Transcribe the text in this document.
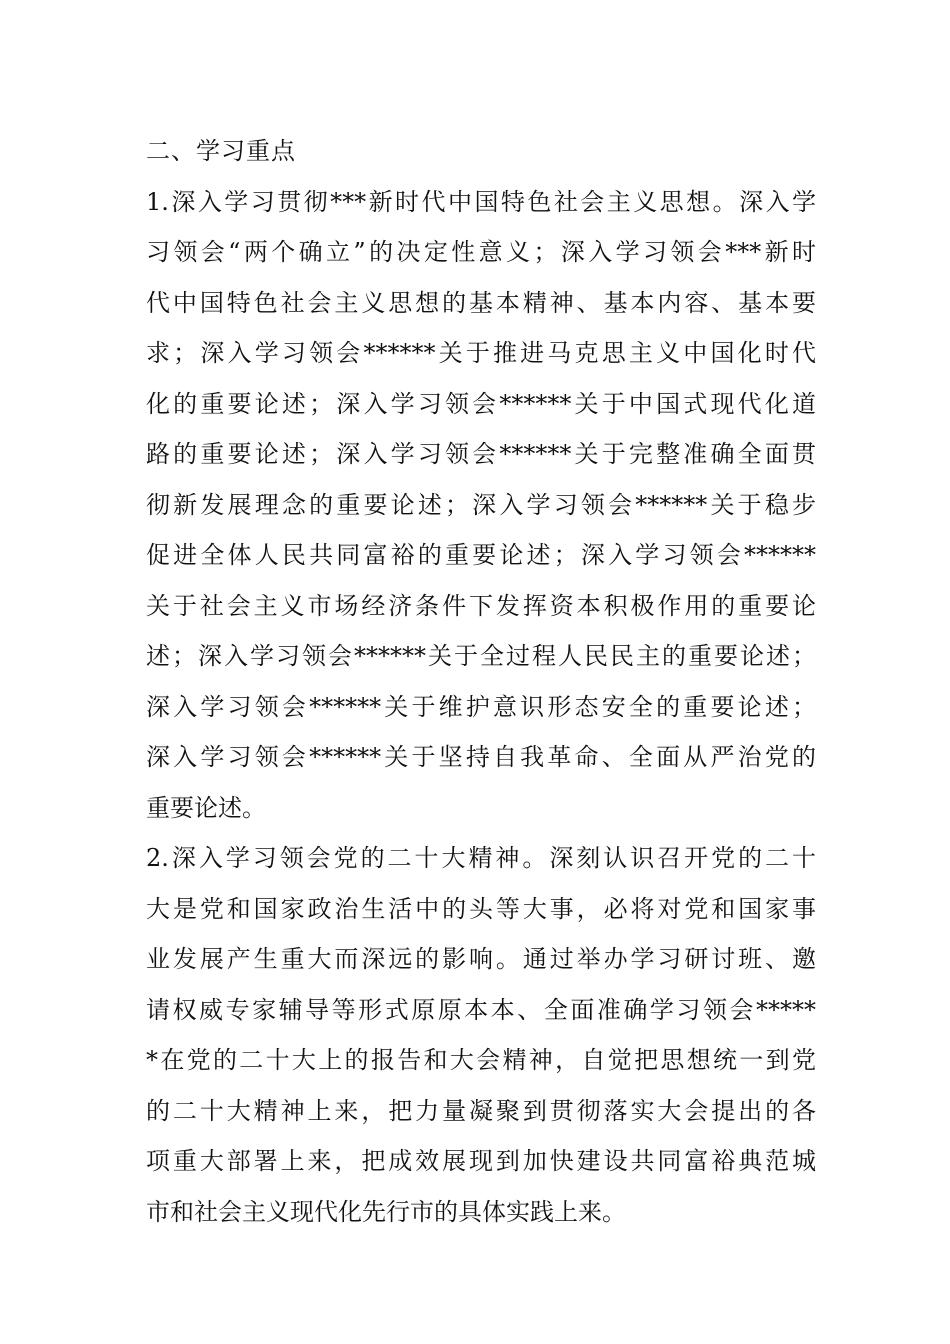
二、学习重点
1.深入学习贯彻***新时代中国特色社会主义思想。深入学
习领会“两个确立”的决定性意义；深入学习领会***新时
代中国特色社会主义思想的基本精神、基本内容、基本要
求；深入学习领会******关于推进马克思主义中国化时代
化的重要论述；深入学习领会******关于中国式现代化道
路的重要论述；深入学习领会******关于完整准确全面贯
彻新发展理念的重要论述；深入学习领会******关于稳步
促进全体人民共同富裕的重要论述；深入学习领会******
关于社会主义市场经济条件下发挥资本积极作用的重要论
述；深入学习领会******关于全过程人民民主的重要论述；
深入学习领会******关于维护意识形态安全的重要论述；
深入学习领会******关于坚持自我革命、全面从严治党的
重要论述。
2.深入学习领会党的二十大精神。深刻认识召开党的二十
大是党和国家政治生活中的头等大事，必将对党和国家事
业发展产生重大而深远的影响。通过举办学习研讨班、邀
请权威专家辅导等形式原原本本、全面准确学习领会*****
*在党的二十大上的报告和大会精神，自觉把思想统一到党
的二十大精神上来，把力量凝聚到贯彻落实大会提出的各
项重大部署上来，把成效展现到加快建设共同富裕典范城
市和社会主义现代化先行市的具体实践上来。
